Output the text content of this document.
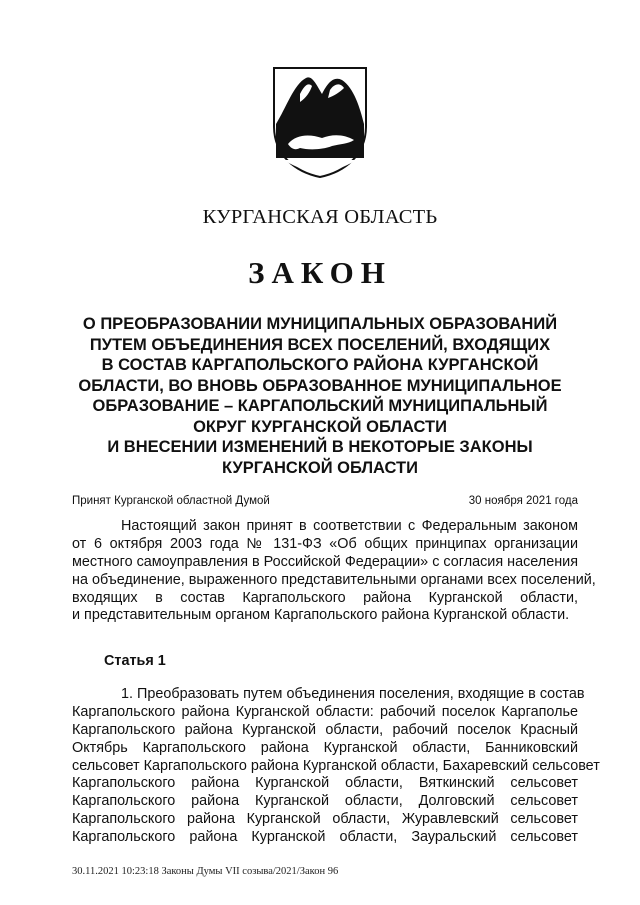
КУРГАНСКАЯ ОБЛАСТЬ
ЗАКОН
О ПРЕОБРАЗОВАНИИ МУНИЦИПАЛЬНЫХ ОБРАЗОВАНИЙ
ПУТЕМ ОБЪЕДИНЕНИЯ ВСЕХ ПОСЕЛЕНИЙ, ВХОДЯЩИХ
В СОСТАВ КАРГАПОЛЬСКОГО РАЙОНА КУРГАНСКОЙ
ОБЛАСТИ, ВО ВНОВЬ ОБРАЗОВАННОЕ МУНИЦИПАЛЬНОЕ
ОБРАЗОВАНИЕ – КАРГАПОЛЬСКИЙ МУНИЦИПАЛЬНЫЙ
ОКРУГ КУРГАНСКОЙ ОБЛАСТИ
И ВНЕСЕНИИ ИЗМЕНЕНИЙ В НЕКОТОРЫЕ ЗАКОНЫ
КУРГАНСКОЙ ОБЛАСТИ
Принят Курганской областной Думой	30 ноября 2021 года
Настоящий закон принят в соответствии с Федеральным законом
от 6 октября 2003 года № 131-ФЗ «Об общих принципах организации
местного самоуправления в Российской Федерации» с согласия населения
на объединение, выраженного представительными органами всех поселений,
входящих в состав Каргапольского района Курганской области,
и представительным органом Каргапольского района Курганской области.
Статья 1
1. Преобразовать путем объединения поселения, входящие в состав
Каргапольского района Курганской области: рабочий поселок Каргаполье
Каргапольского района Курганской области, рабочий поселок Красный
Октябрь Каргапольского района Курганской области, Банниковский
сельсовет Каргапольского района Курганской области, Бахаревский сельсовет
Каргапольского района Курганской области, Вяткинский сельсовет
Каргапольского района Курганской области, Долговский сельсовет
Каргапольского района Курганской области, Журавлевский сельсовет
Каргапольского района Курганской области, Зауральский сельсовет
30.11.2021 10:23:18 Законы Думы VII созыва/2021/Закон 96
